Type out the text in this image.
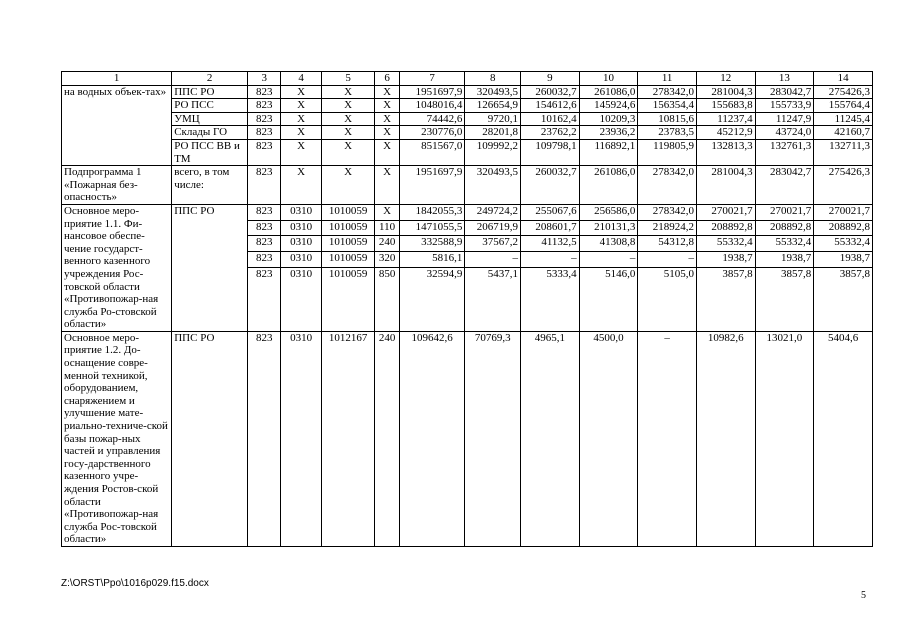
1	2	3	4	5	6	7	8	9	10	11	12	13	14
на водных объек-тах»	ППС РО	823	Х	Х	Х	1951697,9	320493,5	260032,7	261086,0	278342,0	281004,3	283042,7	275426,3
	РО ПСС	823	Х	Х	Х	1048016,4	126654,9	154612,6	145924,6	156354,4	155683,8	155733,9	155764,4
	УМЦ	823	Х	Х	Х	74442,6	9720,1	10162,4	10209,3	10815,6	11237,4	11247,9	11245,4
	Склады ГО	823	Х	Х	Х	230776,0	28201,8	23762,2	23936,2	23783,5	45212,9	43724,0	42160,7
	РО ПСС ВВ и ТМ	823	Х	Х	Х	851567,0	109992,2	109798,1	116892,1	119805,9	132813,3	132761,3	132711,3
Подпрограмма 1 «Пожарная без-опасность»	всего, в том числе:	823	Х	Х	Х	1951697,9	320493,5	260032,7	261086,0	278342,0	281004,3	283042,7	275426,3
Основное меро-приятие 1.1. Фи-нансовое обеспе-чение государст-венного казенного учреждения Рос-товской области «Противопожар-ная служба Ро-стовской области»	ППС РО	823	0310	1010059	Х	1842055,3	249724,2	255067,6	256586,0	278342,0	270021,7	270021,7	270021,7
		823	0310	1010059	110	1471055,5	206719,9	208601,7	210131,3	218924,2	208892,8	208892,8	208892,8
		823	0310	1010059	240	332588,9	37567,2	41132,5	41308,8	54312,8	55332,4	55332,4	55332,4
		823	0310	1010059	320	5816,1	–	–	–	–	1938,7	1938,7	1938,7
		823	0310	1010059	850	32594,9	5437,1	5333,4	5146,0	5105,0	3857,8	3857,8	3857,8
Основное меро-приятие 1.2. До-оснащение совре-менной техникой, оборудованием, снаряжением и улучшение мате-риально-техниче-ской базы пожар-ных частей и управления госу-дарственного казенного учре-ждения Ростов-ской области «Противопожар-ная служба Рос-товской области»	ППС РО	823	0310	1012167	240	109642,6	70769,3	4965,1	4500,0	–	10982,6	13021,0	5404,6
Z:\ORST\Ppo\1016p029.f15.docx
5
